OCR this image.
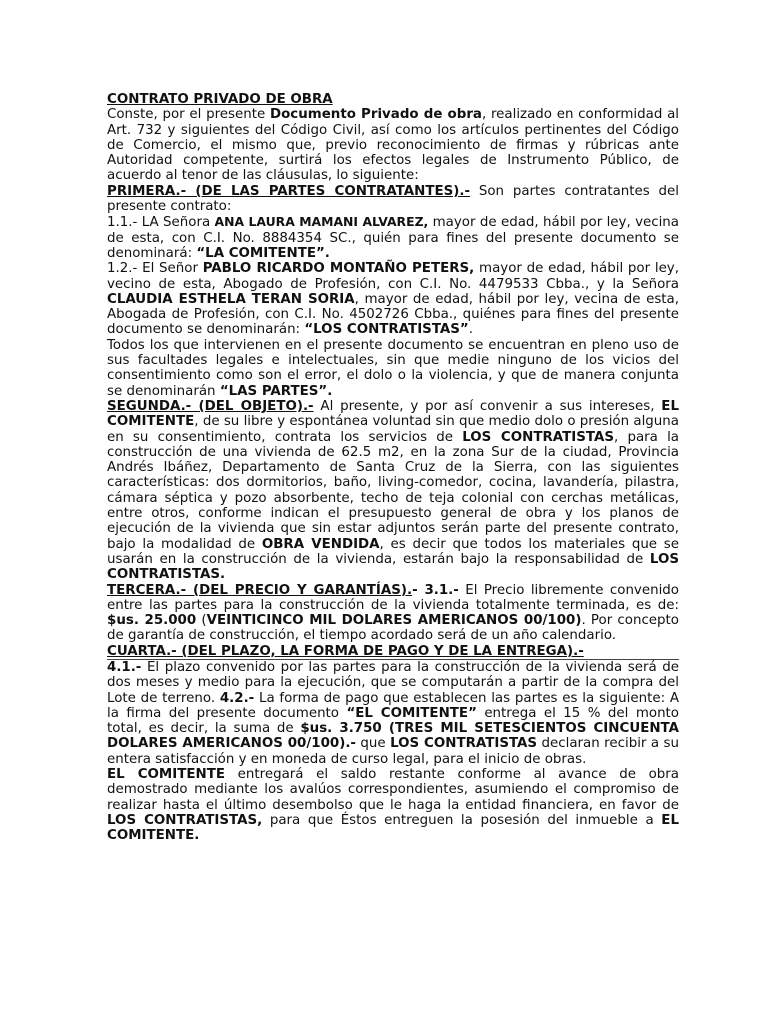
CONTRATO PRIVADO DE OBRA

Conste, por el presente Documento Privado de obra, realizado en conformidad al Art. 732 y siguientes del Código Civil, así como los artículos pertinentes del Código de Comercio, el mismo que, previo reconocimiento de firmas y rúbricas ante Autoridad competente, surtirá los efectos legales de Instrumento Público, de acuerdo al tenor de las cláusulas, lo siguiente:

PRIMERA.- (DE LAS PARTES CONTRATANTES).- Son partes contratantes del presente contrato:

1.1.- LA Señora ANA LAURA MAMANI ALVAREZ, mayor de edad, hábil por ley, vecina de esta, con C.I. No. 8884354 SC., quién para fines del presente documento se denominará: “LA COMITENTE”.

1.2.- El Señor PABLO RICARDO MONTAÑO PETERS, mayor de edad, hábil por ley, vecino de esta, Abogado de Profesión, con C.I. No. 4479533 Cbba., y la Señora CLAUDIA ESTHELA TERAN SORIA, mayor de edad, hábil por ley, vecina de esta, Abogada de Profesión, con C.I. No. 4502726 Cbba., quiénes para fines del presente documento se denominarán: “LOS CONTRATISTAS”.

Todos los que intervienen en el presente documento se encuentran en pleno uso de sus facultades legales e intelectuales, sin que medie ninguno de los vicios del consentimiento como son el error, el dolo o la violencia, y que de manera conjunta se denominarán “LAS PARTES”.

SEGUNDA.- (DEL OBJETO).- Al presente, y por así convenir a sus intereses, EL COMITENTE, de su libre y espontánea voluntad sin que medio dolo o presión alguna en su consentimiento, contrata los servicios de LOS CONTRATISTAS, para la construcción de una vivienda de 62.5 m2, en la zona Sur de la ciudad, Provincia Andrés Ibáñez, Departamento de Santa Cruz de la Sierra, con las siguientes características: dos dormitorios, baño, living-comedor, cocina, lavandería, pilastra, cámara séptica y pozo absorbente, techo de teja colonial con cerchas metálicas, entre otros, conforme indican el presupuesto general de obra y los planos de ejecución de la vivienda que sin estar adjuntos serán parte del presente contrato, bajo la modalidad de OBRA VENDIDA, es decir que todos los materiales que se usarán en la construcción de la vivienda, estarán bajo la responsabilidad de LOS CONTRATISTAS.

TERCERA.- (DEL PRECIO Y GARANTÍAS).- 3.1.- El Precio libremente convenido entre las partes para la construcción de la vivienda totalmente terminada, es de: $us. 25.000 (VEINTICINCO MIL DOLARES AMERICANOS 00/100). Por concepto de garantía de construcción, el tiempo acordado será de un año calendario.

CUARTA.- (DEL PLAZO, LA FORMA DE PAGO Y DE LA ENTREGA).-

4.1.- El plazo convenido por las partes para la construcción de la vivienda será de dos meses y medio para la ejecución, que se computarán a partir de la compra del Lote de terreno. 4.2.- La forma de pago que establecen las partes es la siguiente: A la firma del presente documento “EL COMITENTE” entrega el 15 % del monto total, es decir, la suma de $us. 3.750 (TRES MIL SETESCIENTOS CINCUENTA DOLARES AMERICANOS 00/100).- que LOS CONTRATISTAS declaran recibir a su entera satisfacción y en moneda de curso legal, para el inicio de obras.

EL COMITENTE entregará el saldo restante conforme al avance de obra demostrado mediante los avalúos correspondientes, asumiendo el compromiso de realizar hasta el último desembolso que le haga la entidad financiera, en favor de LOS CONTRATISTAS, para que Éstos entreguen la posesión del inmueble a EL COMITENTE.
